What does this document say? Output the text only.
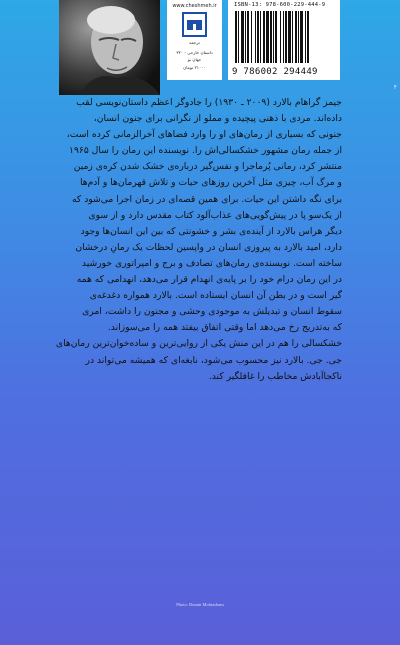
www.cheshmeh.ir
ترجمه
داستان خارجی - ۳۲۰
جهان نو
۲۱۰۰۰ تومان
ISBN-13: 978-600-229-444-9
9 786002 294449
۴
جیمز گراهام بالارد (۲۰۰۹ ـ ۱۹۳۰) را جادوگر اعظم داستان‌نویسی لقب
داده‌اند. مردی با ذهنی پیچیده و مملو از نگرانی برای جنون انسان،
جنونی که بسیاری از رمان‌های او را وارد فضاهای آخرالزمانی کرده است،
از جمله رمان مشهور خشکسالی‌اش را. نویسنده این رمان را سال ۱۹۶۵
منتشر کرد، رمانی پُرماجرا و نفس‌گیر درباره‌ی خشک شدن کره‌ی زمین
و مرگ آب، چیزی مثل آخرین روزهای حیات و تلاش قهرمان‌ها و آدم‌ها
برای نگه داشتن این حیات. برای همین قصه‌ای در زمان اجرا می‌شود که
از یک‌سو پا در پیش‌گویی‌های عذاب‌آلود کتاب مقدس دارد و از سوی
دیگر هراس بالارد از آینده‌ی بشر و خشونتی که بین این انسان‌ها وجود
دارد، امید بالارد به پیروزی انسان در واپسین لحظات یک رمانِ درخشان
ساخته است. نویسنده‌ی رمان‌های تصادف و برج و امپراتوری خورشید
در این رمان درام خود را بر پایه‌ی انهدام قرار می‌دهد، انهدامی که همه
گیر است و در بطن آن انسان ایستاده است. بالارد همواره دغدغه‌ی
سقوط انسان و تبدیلش به موجودی وحشی و مجنون را داشت، امری
که به‌تدریج رخ می‌دهد اما وقتی اتفاق بیفتد همه را می‌سوزاند.
خشکسالی را هم در این منش یکی از روایی‌ترین و ساده‌خوان‌ترین رمان‌های
جی. جی. بالارد نیز محسوب می‌شود، نابغه‌ای که همیشه می‌تواند در
ناکجاآبادش مخاطب را غافلگیر کند.
Photo: Romin Mohtasham
